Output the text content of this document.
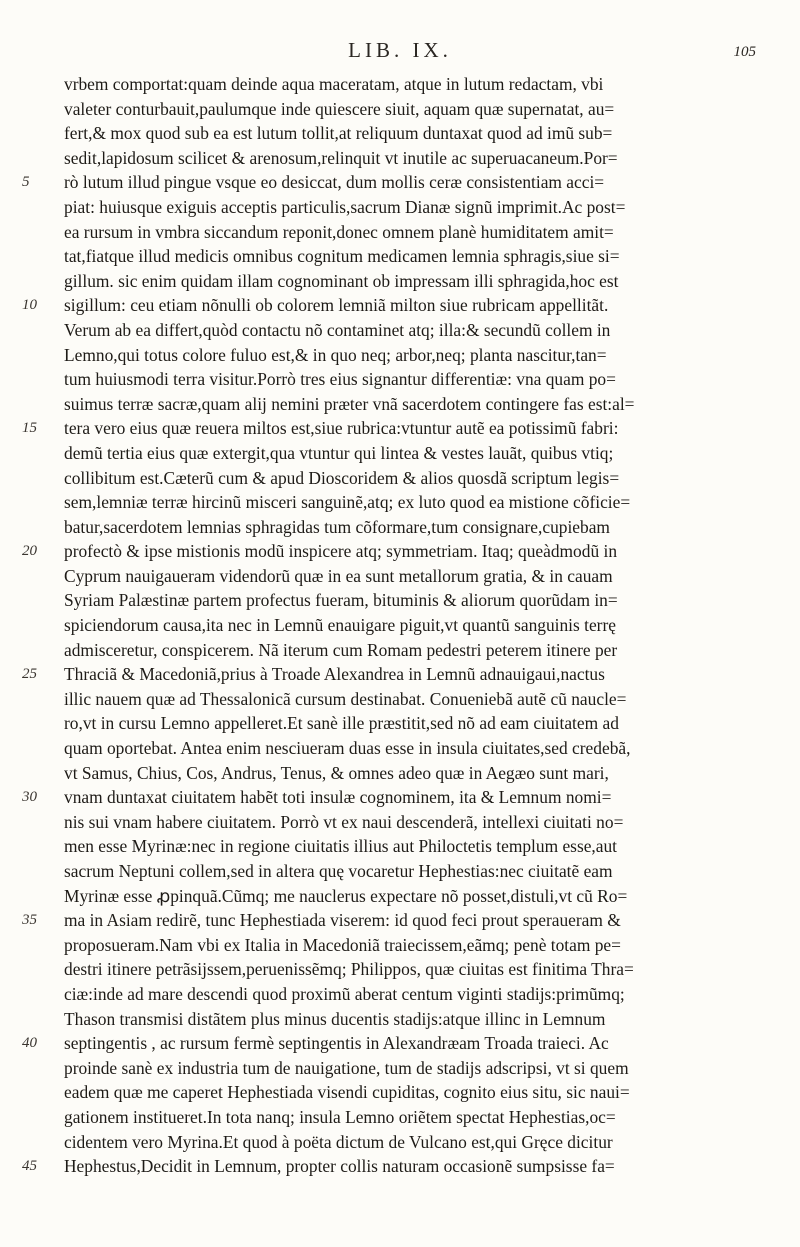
LIB. IX.	105
vrbem comportat:quam deinde aqua maceratam, atque in lutum redactam, vbi
valeter conturbauit,paulumque inde quiescere siuit, aquam quæ supernatat, au=
fert,& mox quod sub ea est lutum tollit,at reliquum duntaxat quod ad imũ sub=
sedit,lapidosum scilicet & arenosum,relinquit vt inutile ac superuacaneum.Por=
5	rò lutum illud pingue vsque eo desiccat, dum mollis ceræ consistentiam acci=
piat: huiusque exiguis acceptis particulis,sacrum Dianæ signũ imprimit.Ac post=
ea rursum in vmbra siccandum reponit,donec omnem planè humiditatem amit=
tat,fiatque illud medicis omnibus cognitum medicamen lemnia sphragis,siue si=
gillum. sic enim quidam illam cognominant ob impressam illi sphragida,hoc est
10	sigillum: ceu etiam nõnulli ob colorem lemniã milton siue rubricam appellitãt.
Verum ab ea differt,quòd contactu nõ contaminet atq; illa:& secundũ collem in
Lemno,qui totus colore fuluo est,& in quo neq; arbor,neq; planta nascitur,tan=
tum huiusmodi terra visitur.Porrò tres eius signantur differentiæ: vna quam po=
suimus terræ sacræ,quam alij nemini præter vnã sacerdotem contingere fas est:al=
15	tera vero eius quæ reuera miltos est,siue rubrica:vtuntur autẽ ea potissimũ fabri:
demũ tertia eius quæ extergit,qua vtuntur qui lintea & vestes lauãt, quibus vtiq;
collibitum est.Cæterũ cum & apud Dioscoridem & alios quosdã scriptum legis=
sem,lemniæ terræ hircinũ misceri sanguinẽ,atq; ex luto quod ea mistione cõficie=
batur,sacerdotem lemnias sphragidas tum cõformare,tum consignare,cupiebam
20	profectò & ipse mistionis modũ inspicere atq; symmetriam. Itaq; queàdmodũ in
Cyprum nauigaueram videndorũ quæ in ea sunt metallorum gratia, & in cauam
Syriam Palæstinæ partem profectus fueram, bituminis & aliorum quorũdam in=
spiciendorum causa,ita nec in Lemnũ enauigare piguit,vt quantũ sanguinis terrę
admisceretur, conspicerem. Nã iterum cum Romam pedestri peterem itinere per
25	Thraciã & Macedoniã,prius à Troade Alexandrea in Lemnũ adnauigaui,nactus
illic nauem quæ ad Thessalonicã cursum destinabat. Conueniebã autẽ cũ naucle=
ro,vt in cursu Lemno appelleret.Et sanè ille præstitit,sed nõ ad eam ciuitatem ad
quam oportebat. Antea enim nesciueram duas esse in insula ciuitates,sed credebã,
vt Samus, Chius, Cos, Andrus, Tenus, & omnes adeo quæ in Aegæo sunt mari,
30	vnam duntaxat ciuitatem habẽt toti insulæ cognominem, ita & Lemnum nomi=
nis sui vnam habere ciuitatem. Porrò vt ex naui descenderã, intellexi ciuitati no=
men esse Myrinæ:nec in regione ciuitatis illius aut Philoctetis templum esse,aut
sacrum Neptuni collem,sed in altera quę vocaretur Hephestias:nec ciuitatẽ eam
Myrinæ esse ꝓpinquã.Cũmq; me nauclerus expectare nõ posset,distuli,vt cũ Ro=
35	ma in Asiam redirẽ, tunc Hephestiada viserem: id quod feci prout speraueram &
proposueram.Nam vbi ex Italia in Macedoniã traiecissem,eãmq; penè totam pe=
destri itinere petrãsijssem,peruenissẽmq; Philippos, quæ ciuitas est finitima Thra=
ciæ:inde ad mare descendi quod proximũ aberat centum viginti stadijs:primũmq;
Thason transmisi distãtem plus minus ducentis stadijs:atque illinc in Lemnum
40	septingentis , ac rursum fermè septingentis in Alexandræam Troada traieci. Ac
proinde sanè ex industria tum de nauigatione, tum de stadijs adscripsi, vt si quem
eadem quæ me caperet Hephestiada visendi cupiditas, cognito eius situ, sic naui=
gationem institueret.In tota nanq; insula Lemno oriẽtem spectat Hephestias,oc=
cidentem vero Myrina.Et quod à poëta dictum de Vulcano est,qui Gręce dicitur
45	Hephestus,Decidit in Lemnum, propter collis naturam occasionẽ sumpsisse fa=
